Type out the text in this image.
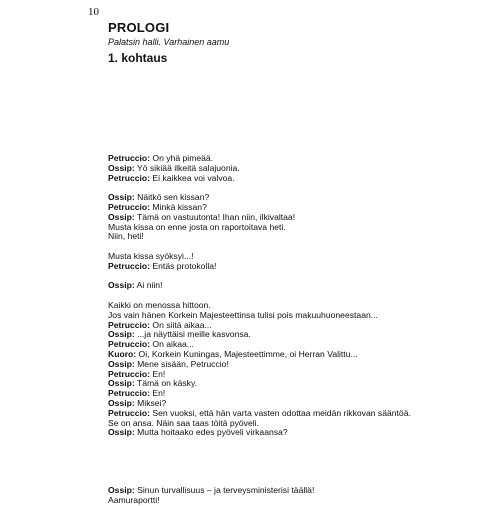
10
PROLOGI
Palatsin halli. Varhainen aamu
1. kohtaus
Petruccio: On yhä pimeää.
Ossip: Yö sikiää ilkeitä salajuonia.
Petruccio: Ei kaikkea voi valvoa.
Ossip: Näitkö sen kissan?
Petruccio: Minkä kissan?
Ossip: Tämä on vastuutonta! Ihan niin, ilkivaltaa!
Musta kissa on enne josta on raportoitava heti.
Niin, heti!
Musta kissa syöksyi...!
Petruccio: Entäs protokolla!
Ossip: Ai niin!
Kaikki on menossa hittoon.
Jos vain hänen Korkein Majesteettinsa tulisi pois makuuhuoneestaan...
Petruccio: On siitä aikaa...
Ossip: ...ja näyttäisi meille kasvonsa.
Petruccio: On aikaa...
Kuoro: Oi, Korkein Kuningas, Majesteettimme, oi Herran Valittu...
Ossip: Mene sisään, Petruccio!
Petruccio: En!
Ossip: Tämä on käsky.
Petruccio: En!
Ossip: Miksei?
Petruccio: Sen vuoksi, että hän varta vasten odottaa meidän rikkovan sääntöä.
Se on ansa. Näin saa taas töitä pyöveli.
Ossip: Mutta hoitaako edes pyöveli virkaansa?
Ossip: Sinun turvallisuus – ja terveysministerisi täällä!
Aamuraportti!
